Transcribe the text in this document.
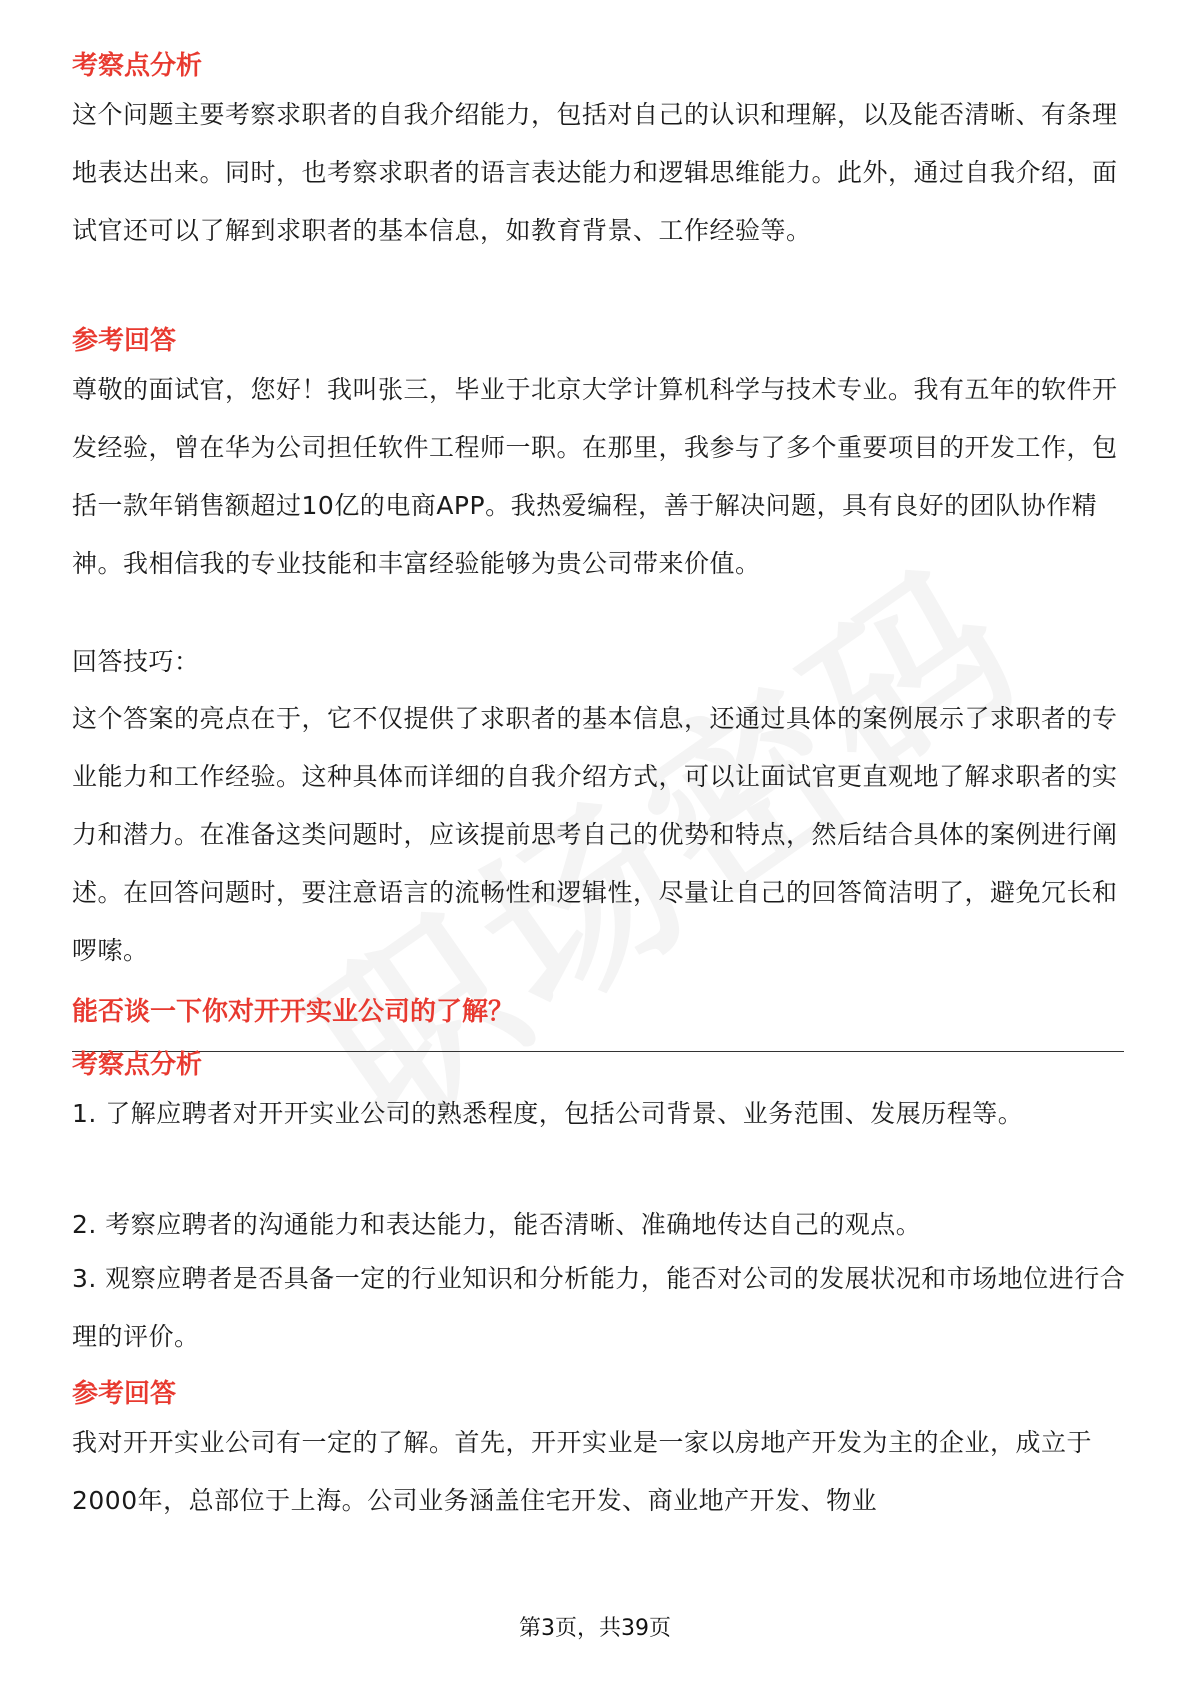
考察点分析

这个问题主要考察求职者的自我介绍能力，包括对自己的认识和理解，以及能否清晰、有条理地表达出来。同时，也考察求职者的语言表达能力和逻辑思维能力。此外，通过自我介绍，面试官还可以了解到求职者的基本信息，如教育背景、工作经验等。

参考回答

尊敬的面试官，您好！我叫张三，毕业于北京大学计算机科学与技术专业。我有五年的软件开发经验，曾在华为公司担任软件工程师一职。在那里，我参与了多个重要项目的开发工作，包括一款年销售额超过10亿的电商APP。我热爱编程，善于解决问题，具有良好的团队协作精神。我相信我的专业技能和丰富经验能够为贵公司带来价值。

回答技巧：

这个答案的亮点在于，它不仅提供了求职者的基本信息，还通过具体的案例展示了求职者的专业能力和工作经验。这种具体而详细的自我介绍方式，可以让面试官更直观地了解求职者的实力和潜力。在准备这类问题时，应该提前思考自己的优势和特点，然后结合具体的案例进行阐述。在回答问题时，要注意语言的流畅性和逻辑性，尽量让自己的回答简洁明了，避免冗长和啰嗦。

能否谈一下你对开开实业公司的了解？
考察点分析

1. 了解应聘者对开开实业公司的熟悉程度，包括公司背景、业务范围、发展历程等。

2. 考察应聘者的沟通能力和表达能力，能否清晰、准确地传达自己的观点。

3. 观察应聘者是否具备一定的行业知识和分析能力，能否对公司的发展状况和市场地位进行合理的评价。

参考回答

我对开开实业公司有一定的了解。首先，开开实业是一家以房地产开发为主的企业，成立于2000年，总部位于上海。公司业务涵盖住宅开发、商业地产开发、物业

第3页，共39页
